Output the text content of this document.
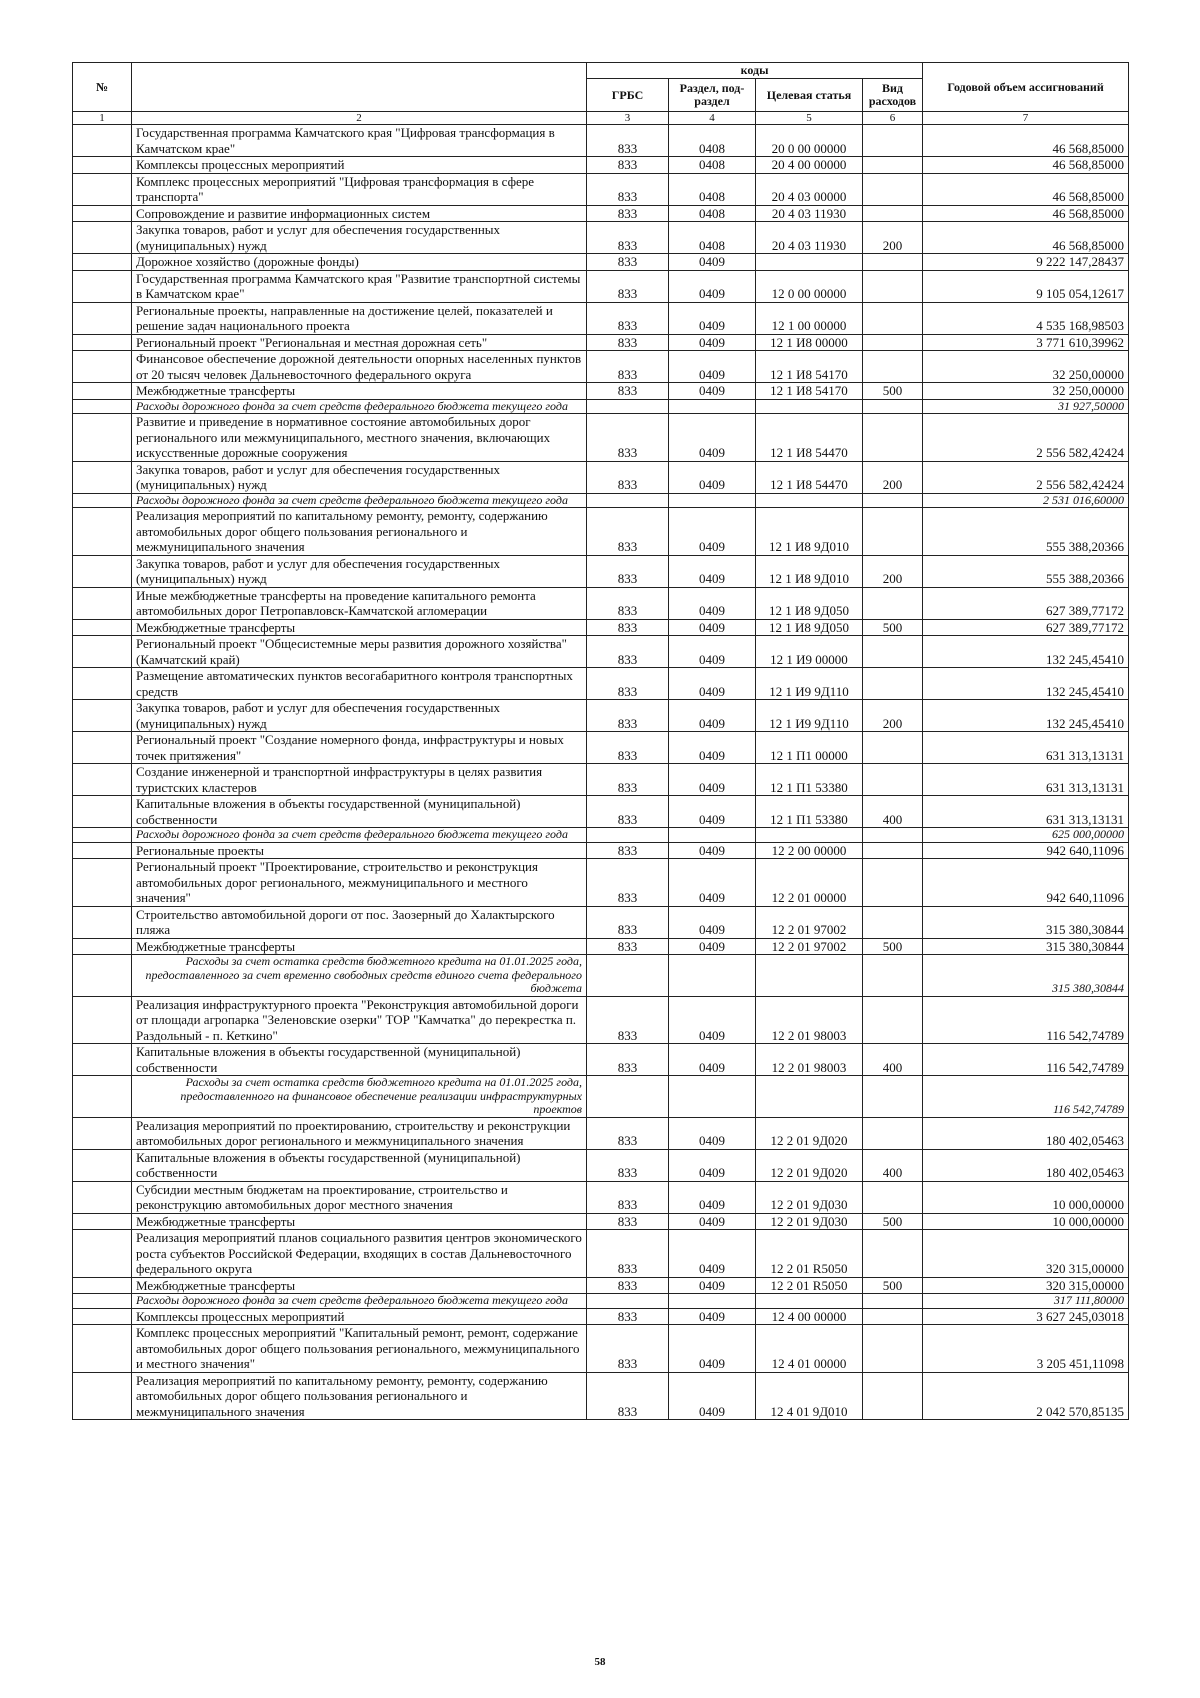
№		коды				Годовой объем ассигнований
		ГРБС	Раздел, под-раздел	Целевая статья	Вид расходов	
1	2	3	4	5	6	7
	Государственная программа Камчатского края "Цифровая трансформация в Камчатском крае"	833	0408	20 0 00 00000		46 568,85000
	Комплексы процессных мероприятий	833	0408	20 4 00 00000		46 568,85000
	Комплекс процессных мероприятий "Цифровая трансформация в сфере транспорта"	833	0408	20 4 03 00000		46 568,85000
	Сопровождение и развитие информационных систем	833	0408	20 4 03 11930		46 568,85000
	Закупка товаров, работ и услуг для обеспечения государственных (муниципальных) нужд	833	0408	20 4 03 11930	200	46 568,85000
	Дорожное хозяйство (дорожные фонды)	833	0409			9 222 147,28437
	Государственная программа Камчатского края "Развитие транспортной системы в Камчатском крае"	833	0409	12 0 00 00000		9 105 054,12617
	Региональные проекты, направленные на достижение целей, показателей и решение задач национального проекта	833	0409	12 1 00 00000		4 535 168,98503
	Региональный проект "Региональная и местная дорожная сеть"	833	0409	12 1 И8 00000		3 771 610,39962
	Финансовое обеспечение дорожной деятельности опорных населенных пунктов от 20 тысяч человек Дальневосточного федерального округа	833	0409	12 1 И8 54170		32 250,00000
	Межбюджетные трансферты	833	0409	12 1 И8 54170	500	32 250,00000
	Расходы дорожного фонда за счет средств федерального бюджета текущего года					31 927,50000
	Развитие и приведение в нормативное состояние автомобильных дорог регионального или межмуниципального, местного значения, включающих искусственные дорожные сооружения	833	0409	12 1 И8 54470		2 556 582,42424
	Закупка товаров, работ и услуг для обеспечения государственных (муниципальных) нужд	833	0409	12 1 И8 54470	200	2 556 582,42424
	Расходы дорожного фонда за счет средств федерального бюджета текущего года					2 531 016,60000
	Реализация мероприятий по капитальному ремонту, ремонту, содержанию автомобильных дорог общего пользования регионального и межмуниципального значения	833	0409	12 1 И8 9Д010		555 388,20366
	Закупка товаров, работ и услуг для обеспечения государственных (муниципальных) нужд	833	0409	12 1 И8 9Д010	200	555 388,20366
	Иные межбюджетные трансферты на проведение капитального ремонта автомобильных дорог Петропавловск-Камчатской агломерации	833	0409	12 1 И8 9Д050		627 389,77172
	Межбюджетные трансферты	833	0409	12 1 И8 9Д050	500	627 389,77172
	Региональный проект "Общесистемные меры развития дорожного хозяйства" (Камчатский край)	833	0409	12 1 И9 00000		132 245,45410
	Размещение автоматических пунктов весогабаритного контроля транспортных средств	833	0409	12 1 И9 9Д110		132 245,45410
	Закупка товаров, работ и услуг для обеспечения государственных (муниципальных) нужд	833	0409	12 1 И9 9Д110	200	132 245,45410
	Региональный проект "Создание номерного фонда, инфраструктуры и новых точек притяжения"	833	0409	12 1 П1 00000		631 313,13131
	Создание инженерной и транспортной инфраструктуры в целях развития туристских кластеров	833	0409	12 1 П1 53380		631 313,13131
	Капитальные вложения в объекты государственной (муниципальной) собственности	833	0409	12 1 П1 53380	400	631 313,13131
	Расходы дорожного фонда за счет средств федерального бюджета текущего года					625 000,00000
	Региональные проекты	833	0409	12 2 00 00000		942 640,11096
	Региональный проект "Проектирование, строительство и реконструкция автомобильных дорог регионального, межмуниципального и местного значения"	833	0409	12 2 01 00000		942 640,11096
	Строительство автомобильной дороги от пос. Заозерный до Халактырского пляжа	833	0409	12 2 01 97002		315 380,30844
	Межбюджетные трансферты	833	0409	12 2 01 97002	500	315 380,30844
	Расходы за счет остатка средств бюджетного кредита на 01.01.2025 года, предоставленного за счет временно свободных средств единого счета федерального бюджета					315 380,30844
	Реализация инфраструктурного проекта "Реконструкция автомобильной дороги от площади агропарка "Зеленовские озерки" ТОР "Камчатка" до перекрестка п. Раздольный - п. Кеткино"	833	0409	12 2 01 98003		116 542,74789
	Капитальные вложения в объекты государственной (муниципальной) собственности	833	0409	12 2 01 98003	400	116 542,74789
	Расходы за счет остатка средств бюджетного кредита на 01.01.2025 года, предоставленного на финансовое обеспечение реализации инфраструктурных проектов					116 542,74789
	Реализация мероприятий по проектированию, строительству и реконструкции автомобильных дорог регионального и межмуниципального значения	833	0409	12 2 01 9Д020		180 402,05463
	Капитальные вложения в объекты государственной (муниципальной) собственности	833	0409	12 2 01 9Д020	400	180 402,05463
	Субсидии местным бюджетам на проектирование, строительство и реконструкцию автомобильных дорог местного значения	833	0409	12 2 01 9Д030		10 000,00000
	Межбюджетные трансферты	833	0409	12 2 01 9Д030	500	10 000,00000
	Реализация мероприятий планов социального развития центров экономического роста субъектов Российской Федерации, входящих в состав Дальневосточного федерального округа	833	0409	12 2 01 R5050		320 315,00000
	Межбюджетные трансферты	833	0409	12 2 01 R5050	500	320 315,00000
	Расходы дорожного фонда за счет средств федерального бюджета текущего года					317 111,80000
	Комплексы процессных мероприятий	833	0409	12 4 00 00000		3 627 245,03018
	Комплекс процессных мероприятий "Капитальный ремонт, ремонт, содержание автомобильных дорог общего пользования регионального, межмуниципального и местного значения"	833	0409	12 4 01 00000		3 205 451,11098
	Реализация мероприятий по капитальному ремонту, ремонту, содержанию автомобильных дорог общего пользования регионального и межмуниципального значения	833	0409	12 4 01 9Д010		2 042 570,85135
58
